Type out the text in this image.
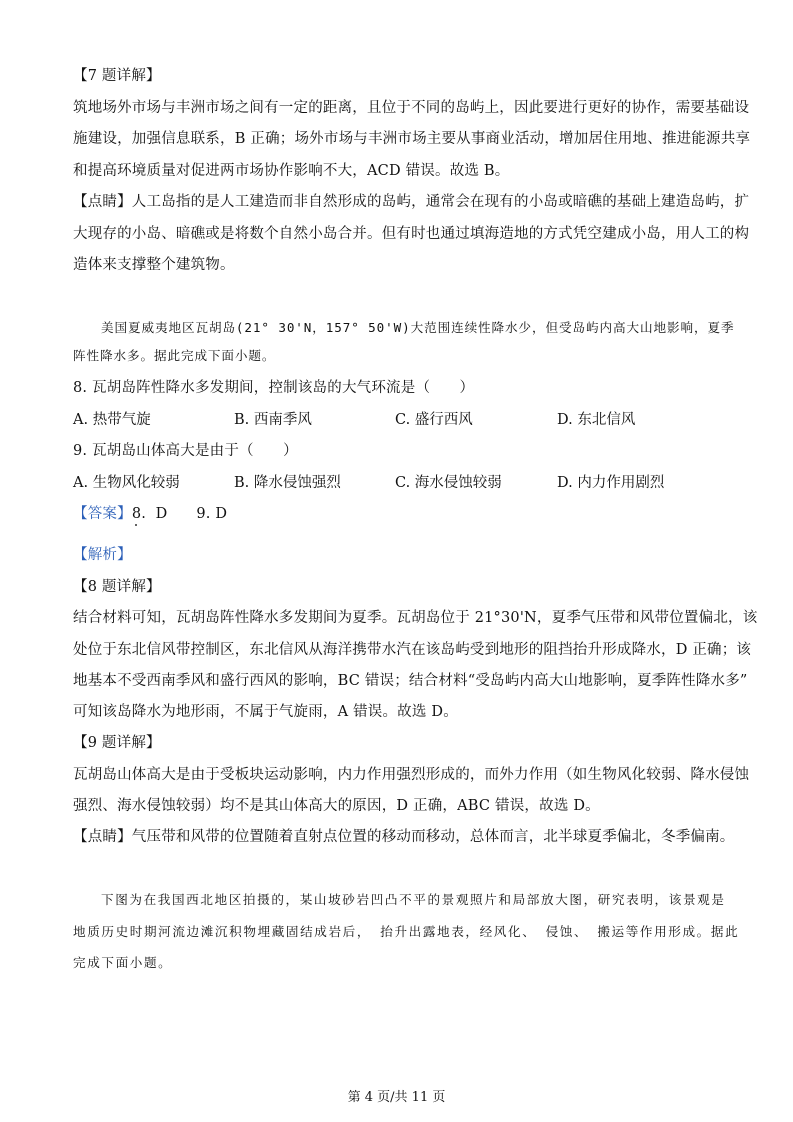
【7 题详解】
筑地场外市场与丰洲市场之间有一定的距离，且位于不同的岛屿上，因此要进行更好的协作，需要基础设
施建设，加强信息联系，B 正确；场外市场与丰洲市场主要从事商业活动，增加居住用地、推进能源共享
和提高环境质量对促进两市场协作影响不大，ACD 错误。故选 B。
【点睛】人工岛指的是人工建造而非自然形成的岛屿，通常会在现有的小岛或暗礁的基础上建造岛屿，扩
大现存的小岛、暗礁或是将数个自然小岛合并。但有时也通过填海造地的方式凭空建成小岛，用人工的构
造体来支撑整个建筑物。
美国夏威夷地区瓦胡岛(21° 30'N，157° 50'W)大范围连续性降水少，但受岛屿内高大山地影响，夏季
阵性降水多。据此完成下面小题。
8. 瓦胡岛阵性降水多发期间，控制该岛的大气环流是（　　）
A. 热带气旋	B. 西南季风	C. 盛行西风	D. 东北信风
9. 瓦胡岛山体高大是由于（　　）
A. 生物风化较弱	B. 降水侵蚀强烈	C. 海水侵蚀较弱	D. 内力作用剧烈
【答案】8.  D      9. D
【解析】
【8 题详解】
结合材料可知，瓦胡岛阵性降水多发期间为夏季。瓦胡岛位于 21°30'N，夏季气压带和风带位置偏北，该
处位于东北信风带控制区，东北信风从海洋携带水汽在该岛屿受到地形的阻挡抬升形成降水，D 正确；该
地基本不受西南季风和盛行西风的影响，BC 错误；结合材料“受岛屿内高大山地影响，夏季阵性降水多”
可知该岛降水为地形雨，不属于气旋雨，A 错误。故选 D。
【9 题详解】
瓦胡岛山体高大是由于受板块运动影响，内力作用强烈形成的，而外力作用（如生物风化较弱、降水侵蚀
强烈、海水侵蚀较弱）均不是其山体高大的原因，D 正确，ABC 错误，故选 D。
【点睛】气压带和风带的位置随着直射点位置的移动而移动，总体而言，北半球夏季偏北，冬季偏南。
下图为在我国西北地区拍摄的，某山坡砂岩凹凸不平的景观照片和局部放大图，研究表明，该景观是
地质历史时期河流边滩沉积物埋藏固结成岩后， 抬升出露地表，经风化、 侵蚀、 搬运等作用形成。据此
完成下面小题。
第 4 页/共 11 页
